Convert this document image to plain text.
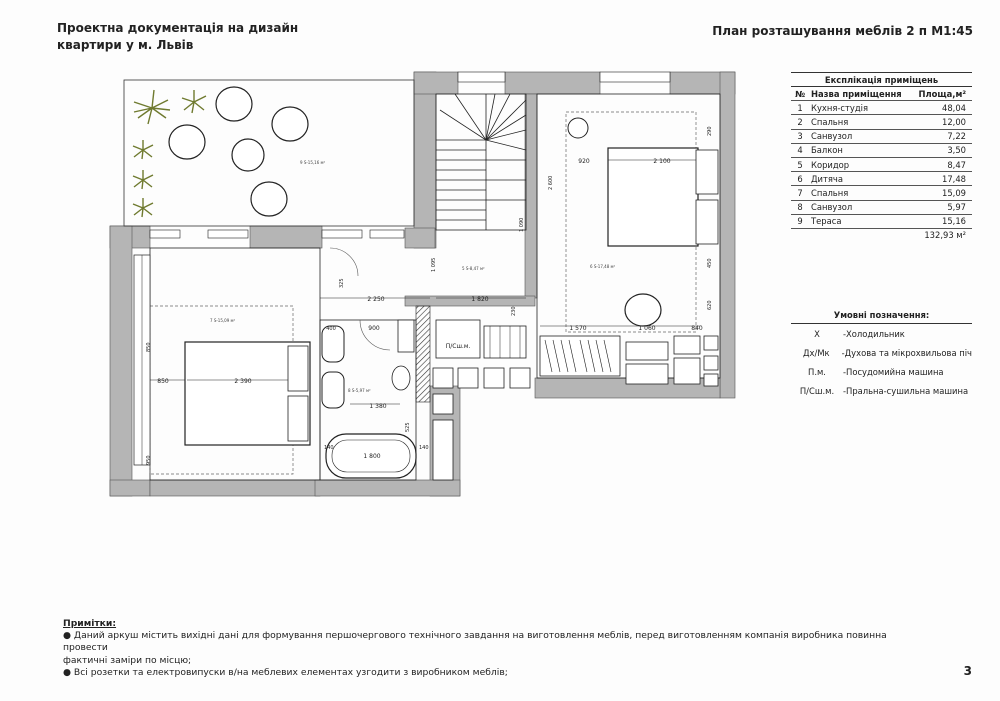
Проектна документація на дизайн
квартири у м. Львів
План розташування меблів 2 п М1:45
9 S-15,16 м²
2 390
850
7 S-15,09 м²
850
950
2 250	1 820
5 S-8,47 м²
1 095
1 090
325
230
П/Сш.м.
1 380
1 800
900
400
140	140
525
8 S-5,97 м²
2 100
920
6 S-17,48 м²
1 570	1 060	840
2 600
290
620
450
Експлікація приміщень
№ Назва приміщення	Площа,м²
1 Кухня-студія	48,04
2 Спальня	12,00
3 Санвузол	7,22
4 Балкон	3,50
5 Коридор	8,47
6 Дитяча	17,48
7 Спальня	15,09
8 Санвузол	5,97
9 Тераса	15,16
132,93 м²
Умовні позначення:
Х	-Холодильник
Дх/Мк	-Духова та мікрохвильова піч
П.м.	-Посудомийна машина
П/Сш.м.	-Пральна-сушильна машина
Примітки:
● Даний аркуш містить вихідні дані для формування першочергового технічного завдання на виготовлення меблів, перед виготовленням компанія виробника повинна провести
фактичні заміри по місцю;
● Всі розетки та електровипуски в/на меблевих елементах узгодити з виробником меблів;	3
